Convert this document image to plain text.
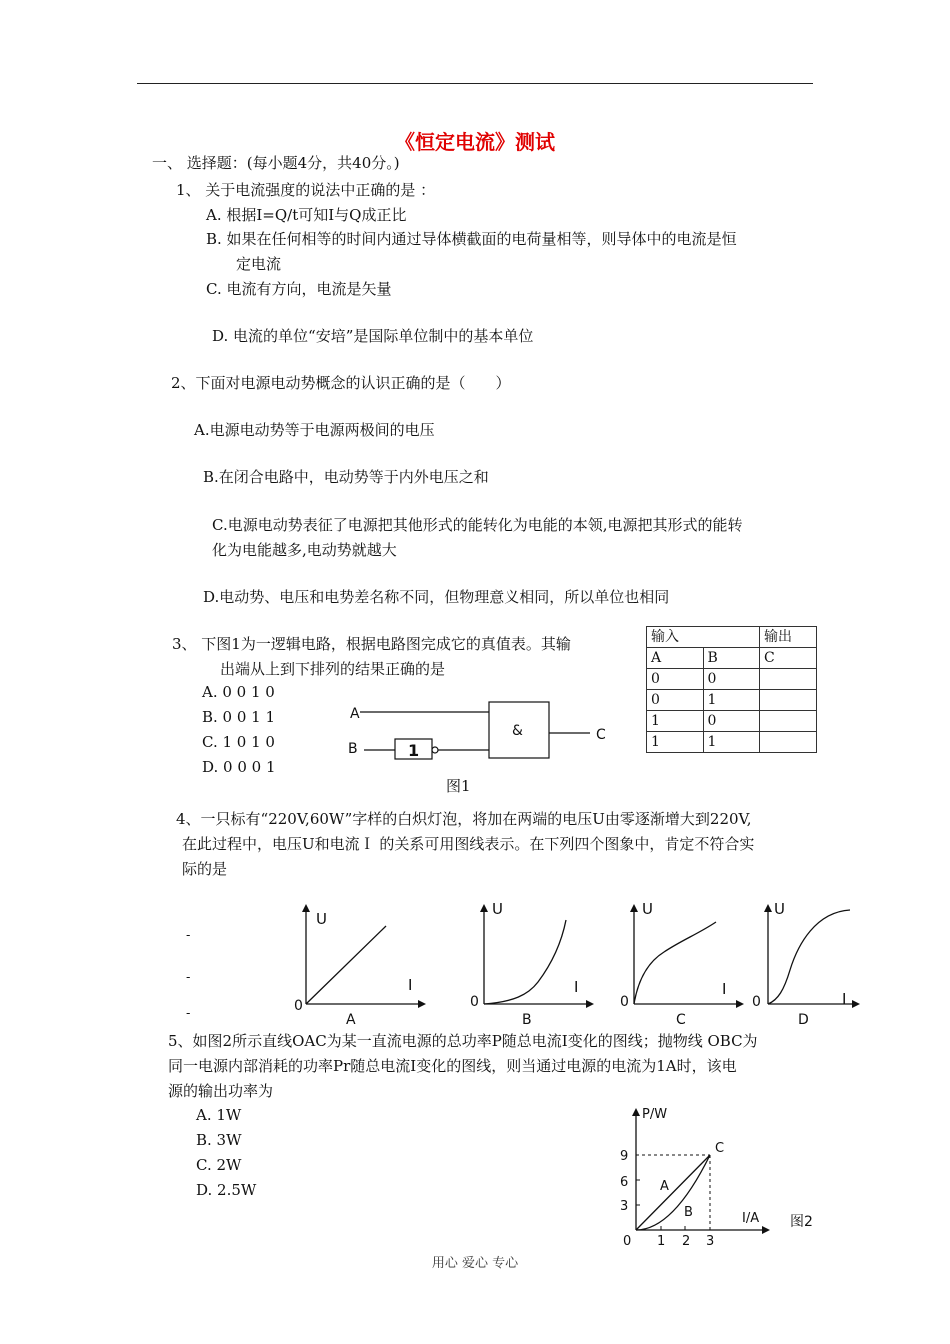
《恒定电流》测试
一、 选择题：(每小题4分，共40分。)
1、 关于电流强度的说法中正确的是 ：
A. 根据I=Q/t可知I与Q成正比
B. 如果在任何相等的时间内通过导体横截面的电荷量相等，则导体中的电流是恒
定电流
C. 电流有方向，电流是矢量
D. 电流的单位“安培”是国际单位制中的基本单位
2、下面对电源电动势概念的认识正确的是（　　）
A.电源电动势等于电源两极间的电压
B.在闭合电路中，电动势等于内外电压之和
C.电源电动势表征了电源把其他形式的能转化为电能的本领,电源把其形式的能转
化为电能越多,电动势就越大
D.电动势、电压和电势差名称不同，但物理意义相同，所以单位也相同
3、 下图1为一逻辑电路，根据电路图完成它的真值表。其输
出端从上到下排列的结果正确的是
A. 0 0 1 0
B. 0 0 1 1
C. 1 0 1 0
D. 0 0 0 1
&
1
A
B
C
图1
输入		输出
A	B	C
0	0	
0	1	
1	0	
1	1	
4、一只标有“220V,60W”字样的白炽灯泡，将加在两端的电压U由零逐渐增大到220V,
在此过程中，电压U和电流Ｉ 的关系可用图线表示。在下列四个图象中，肯定不符合实
际的是
-
-
-
U
I
0
A
U
I
0
B
U
I
0
C
U
I
0
D
5、如图2所示直线OAC为某一直流电源的总功率P随总电流I变化的图线；抛物线 OBC为
同一电源内部消耗的功率Pr随总电流I变化的图线，则当通过电源的电流为1A时，该电
源的输出功率为
A. 1W
B. 3W
C. 2W
D. 2.5W
P/W
I/A
3
6
9
0 1 2 3
C
A
B
图2
用心 爱心 专心
